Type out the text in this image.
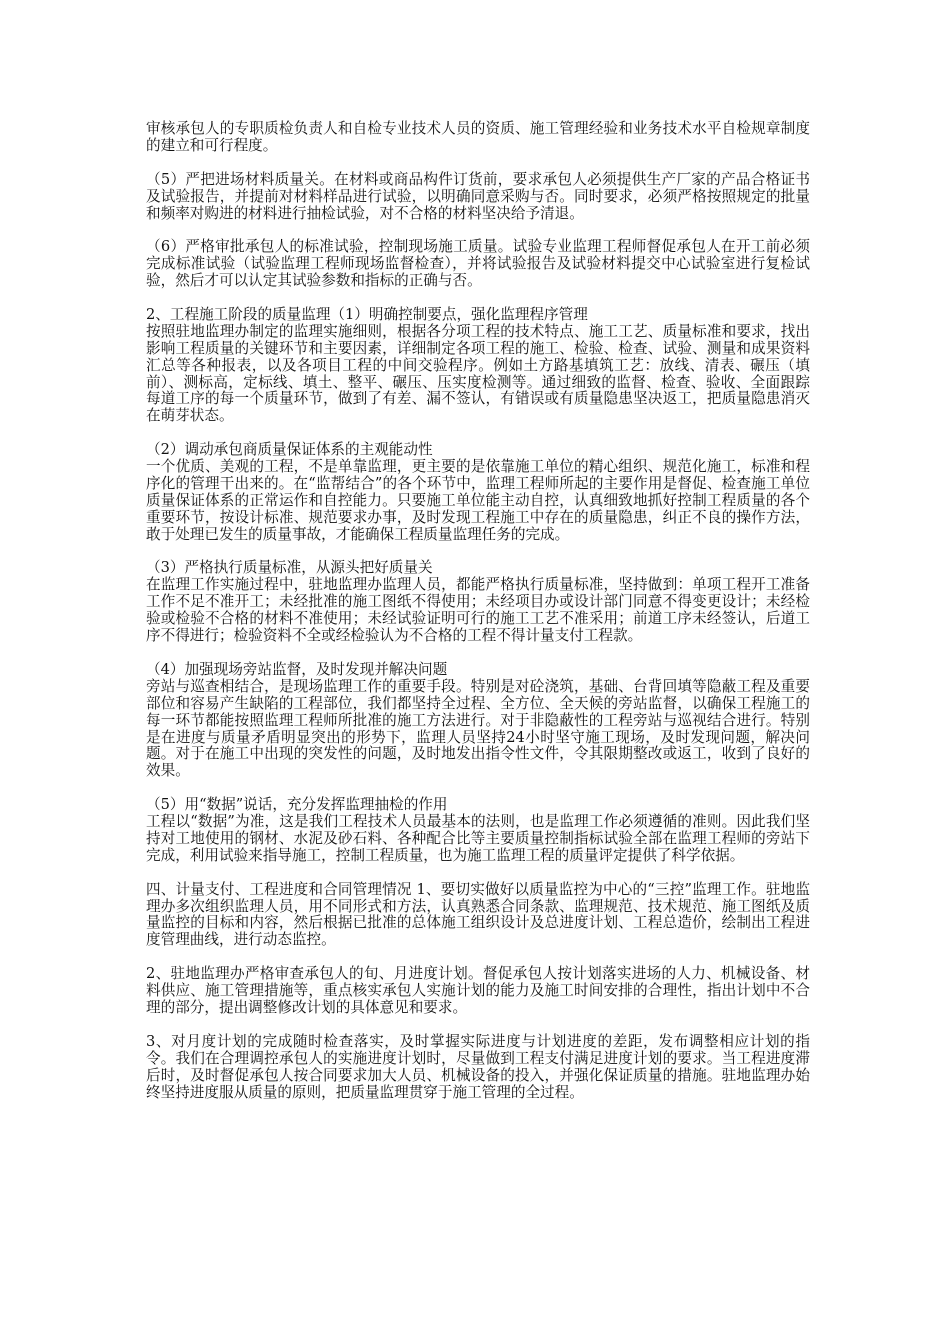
审核承包人的专职质检负责人和自检专业技术人员的资质、施工管理经验和业务技术水平自检规章制度的建立和可行程度。

（5）严把进场材料质量关。在材料或商品构件订货前，要求承包人必须提供生产厂家的产品合格证书及试验报告，并提前对材料样品进行试验，以明确同意采购与否。同时要求，必须严格按照规定的批量和频率对购进的材料进行抽检试验，对不合格的材料坚决给予清退。

（6）严格审批承包人的标准试验，控制现场施工质量。试验专业监理工程师督促承包人在开工前必须完成标准试验（试验监理工程师现场监督检查），并将试验报告及试验材料提交中心试验室进行复检试验，然后才可以认定其试验参数和指标的正确与否。

2、工程施工阶段的质量监理（1）明确控制要点，强化监理程序管理
按照驻地监理办制定的监理实施细则，根据各分项工程的技术特点、施工工艺、质量标准和要求，找出影响工程质量的关键环节和主要因素，详细制定各项工程的施工、检验、检查、试验、测量和成果资料汇总等各种报表，以及各项目工程的中间交验程序。例如土方路基填筑工艺：放线、清表、碾压（填前）、测标高，定标线、填土、整平、碾压、压实度检测等。通过细致的监督、检查、验收、全面跟踪每道工序的每一个质量环节，做到了有差、漏不签认，有错误或有质量隐患坚决返工，把质量隐患消灭在萌芽状态。

（2）调动承包商质量保证体系的主观能动性
一个优质、美观的工程，不是单靠监理，更主要的是依靠施工单位的精心组织、规范化施工，标准和程序化的管理干出来的。在“监帮结合”的各个环节中，监理工程师所起的主要作用是督促、检查施工单位质量保证体系的正常运作和自控能力。只要施工单位能主动自控，认真细致地抓好控制工程质量的各个重要环节，按设计标准、规范要求办事，及时发现工程施工中存在的质量隐患，纠正不良的操作方法，敢于处理已发生的质量事故，才能确保工程质量监理任务的完成。

（3）严格执行质量标准，从源头把好质量关
在监理工作实施过程中，驻地监理办监理人员，都能严格执行质量标准，坚持做到：单项工程开工准备工作不足不准开工；未经批准的施工图纸不得使用；未经项目办或设计部门同意不得变更设计；未经检验或检验不合格的材料不准使用；未经试验证明可行的施工工艺不准采用；前道工序未经签认，后道工序不得进行；检验资料不全或经检验认为不合格的工程不得计量支付工程款。

（4）加强现场旁站监督，及时发现并解决问题
旁站与巡查相结合，是现场监理工作的重要手段。特别是对砼浇筑，基础、台背回填等隐蔽工程及重要部位和容易产生缺陷的工程部位，我们都坚持全过程、全方位、全天候的旁站监督，以确保工程施工的每一环节都能按照监理工程师所批准的施工方法进行。对于非隐蔽性的工程旁站与巡视结合进行。特别是在进度与质量矛盾明显突出的形势下，监理人员坚持24小时坚守施工现场，及时发现问题，解决问题。对于在施工中出现的突发性的问题，及时地发出指令性文件，令其限期整改或返工，收到了良好的效果。

（5）用“数据”说话，充分发挥监理抽检的作用
工程以“数据”为准，这是我们工程技术人员最基本的法则，也是监理工作必须遵循的准则。因此我们坚持对工地使用的钢材、水泥及砂石料、各种配合比等主要质量控制指标试验全部在监理工程师的旁站下完成，利用试验来指导施工，控制工程质量，也为施工监理工程的质量评定提供了科学依据。

四、计量支付、工程进度和合同管理情况 1、要切实做好以质量监控为中心的“三控”监理工作。驻地监理办多次组织监理人员，用不同形式和方法，认真熟悉合同条款、监理规范、技术规范、施工图纸及质量监控的目标和内容，然后根据已批准的总体施工组织设计及总进度计划、工程总造价，绘制出工程进度管理曲线，进行动态监控。

2、驻地监理办严格审查承包人的旬、月进度计划。督促承包人按计划落实进场的人力、机械设备、材料供应、施工管理措施等，重点核实承包人实施计划的能力及施工时间安排的合理性，指出计划中不合理的部分，提出调整修改计划的具体意见和要求。

3、对月度计划的完成随时检查落实，及时掌握实际进度与计划进度的差距，发布调整相应计划的指令。我们在合理调控承包人的实施进度计划时，尽量做到工程支付满足进度计划的要求。当工程进度滞后时，及时督促承包人按合同要求加大人员、机械设备的投入，并强化保证质量的措施。驻地监理办始终坚持进度服从质量的原则，把质量监理贯穿于施工管理的全过程。
